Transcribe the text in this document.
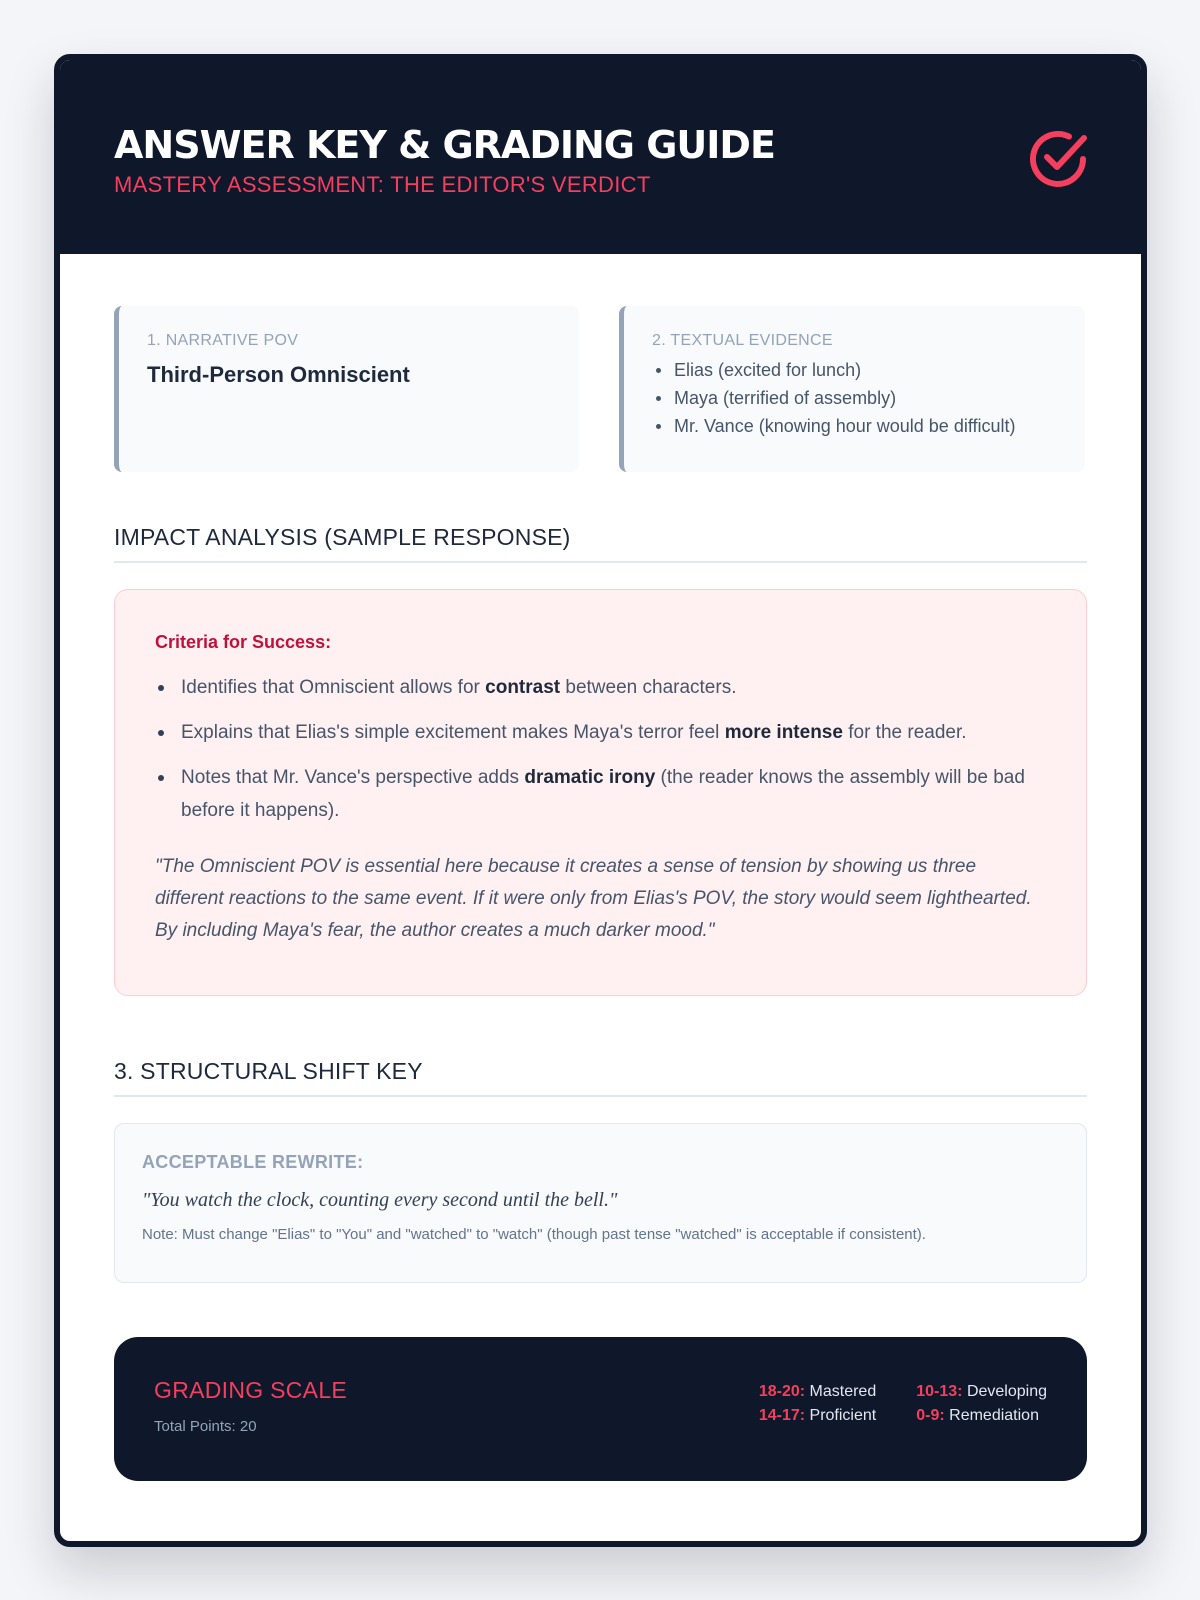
ANSWER KEY & GRADING GUIDE
MASTERY ASSESSMENT: THE EDITOR'S VERDICT
1. NARRATIVE POV
Third-Person Omniscient
2. TEXTUAL EVIDENCE
Elias (excited for lunch)
Maya (terrified of assembly)
Mr. Vance (knowing hour would be difficult)
IMPACT ANALYSIS (SAMPLE RESPONSE)
Criteria for Success:
Identifies that Omniscient allows for contrast between characters.
Explains that Elias's simple excitement makes Maya's terror feel more intense for the reader.
Notes that Mr. Vance's perspective adds dramatic irony (the reader knows the assembly will be bad before it happens).

"The Omniscient POV is essential here because it creates a sense of tension by showing us three different reactions to the same event. If it were only from Elias's POV, the story would seem lighthearted. By including Maya's fear, the author creates a much darker mood."

3. STRUCTURAL SHIFT KEY
ACCEPTABLE REWRITE:
"You watch the clock, counting every second until the bell."
Note: Must change "Elias" to "You" and "watched" to "watch" (though past tense "watched" is acceptable if consistent).
GRADING SCALE
Total Points: 20
18-20: Mastered	10-13: Developing
14-17: Proficient	0-9: Remediation
